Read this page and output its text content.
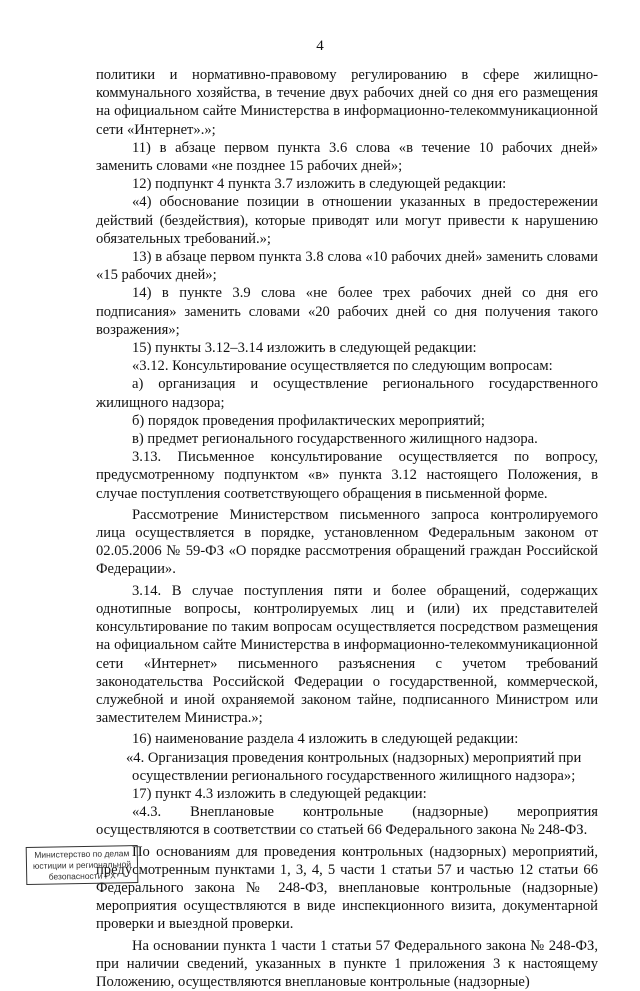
4

политики и нормативно-правовому регулированию в сфере жилищно-коммунального хозяйства, в течение двух рабочих дней со дня его размещения на официальном сайте Министерства в информационно-телекоммуникационной сети «Интернет».»;

11) в абзаце первом пункта 3.6 слова «в течение 10 рабочих дней» заменить словами «не позднее 15 рабочих дней»;

12) подпункт 4 пункта 3.7 изложить в следующей редакции:

«4) обоснование позиции в отношении указанных в предостережении действий (бездействия), которые приводят или могут привести к нарушению обязательных требований.»;

13) в абзаце первом пункта 3.8 слова «10 рабочих дней» заменить словами «15 рабочих дней»;

14) в пункте 3.9 слова «не более трех рабочих дней со дня его подписания» заменить словами «20 рабочих дней со дня получения такого возражения»;

15) пункты 3.12–3.14 изложить в следующей редакции:

«3.12. Консультирование осуществляется по следующим вопросам:

а) организация и осуществление регионального государственного жилищного надзора;

б) порядок проведения профилактических мероприятий;

в) предмет регионального государственного жилищного надзора.

3.13. Письменное консультирование осуществляется по вопросу, предусмотренному подпунктом «в» пункта 3.12 настоящего Положения, в случае поступления соответствующего обращения в письменной форме.

Рассмотрение Министерством письменного запроса контролируемого лица осуществляется в порядке, установленном Федеральным законом от 02.05.2006 № 59-ФЗ «О порядке рассмотрения обращений граждан Российской Федерации».

3.14. В случае поступления пяти и более обращений, содержащих однотипные вопросы, контролируемых лиц и (или) их представителей консультирование по таким вопросам осуществляется посредством размещения на официальном сайте Министерства в информационно-телекоммуникационной сети «Интернет» письменного разъяснения с учетом требований законодательства Российской Федерации о государственной, коммерческой, служебной и иной охраняемой законом тайне, подписанного Министром или заместителем Министра.»;

16) наименование раздела 4 изложить в следующей редакции:

«4. Организация проведения контрольных (надзорных) мероприятий при осуществлении регионального государственного жилищного надзора»;

17) пункт 4.3 изложить в следующей редакции:

«4.3. Внеплановые контрольные (надзорные) мероприятия осуществляются в соответствии со статьей 66 Федерального закона № 248-ФЗ.

По основаниям для проведения контрольных (надзорных) мероприятий, предусмотренным пунктами 1, 3, 4, 5 части 1 статьи 57 и частью 12 статьи 66 Федерального закона № 248-ФЗ, внеплановые контрольные (надзорные) мероприятия осуществляются в виде инспекционного визита, документарной проверки и выездной проверки.

На основании пункта 1 части 1 статьи 57 Федерального закона № 248-ФЗ, при наличии сведений, указанных в пункте 1 приложения 3 к настоящему Положению, осуществляются внеплановые контрольные (надзорные)

Министерство по делам
юстиции и региональной
безопасности РХ
